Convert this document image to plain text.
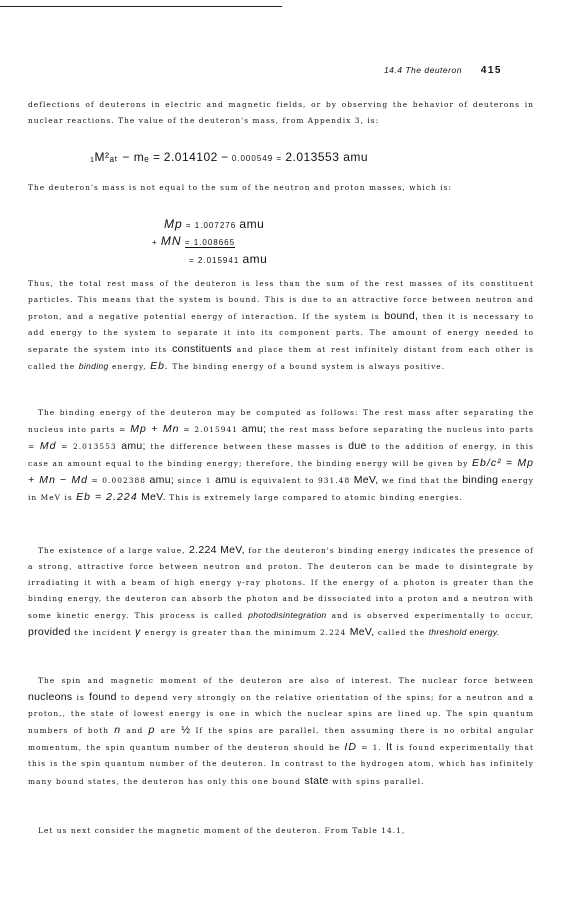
14.4 The deuteron 415

deflections of deuterons in electric and magnetic fields, or by observing the behavior of deuterons in nuclear reactions. The value of the deuteron's mass, from Appendix 3, is:

₁M²ₐₜ − mₑ = 2.014102 − 0.000549 = 2.013553 amu

The deuteron's mass is not equal to the sum of the neutron and proton masses, which is:

Mp = 1.007276 amu
+ MN = 1.008665
= 2.015941 amu

Thus, the total rest mass of the deuteron is less than the sum of the rest masses of its constituent particles. This means that the system is bound. This is due to an attractive force between neutron and proton, and a negative potential energy of interaction. If the system is bound, then it is necessary to add energy to the system to separate it into its component parts. The amount of energy needed to separate the system into its constituents and place them at rest infinitely distant from each other is called the binding energy, Eb. The binding energy of a bound system is always positive.

The binding energy of the deuteron may be computed as follows: The rest mass after separating the nucleus into parts = Mp + Mn = 2.015941 amu; the rest mass before separating the nucleus into parts = Md = 2.013553 amu; the difference between these masses is due to the addition of energy, in this case an amount equal to the binding energy; therefore, the binding energy will be given by Eb/c² = Mp + Mn − Md = 0.002388 amu; since 1 amu is equivalent to 931.48 MeV, we find that the binding energy in MeV is Eb = 2.224 MeV. This is extremely large compared to atomic binding energies.

The existence of a large value, 2.224 MeV, for the deuteron's binding energy indicates the presence of a strong, attractive force between neutron and proton. The deuteron can be made to disintegrate by irradiating it with a beam of high energy γ-ray photons. If the energy of a photon is greater than the binding energy, the deuteron can absorb the photon and be dissociated into a proton and a neutron with some kinetic energy. This process is called photodisintegration and is observed experimentally to occur, provided the incident γ energy is greater than the minimum 2.224 MeV, called the threshold energy.

The spin and magnetic moment of the deuteron are also of interest. The nuclear force between nucleons is found to depend very strongly on the relative orientation of the spins; for a neutron and a proton,, the state of lowest energy is one in which the nuclear spins are lined up. The spin quantum numbers of both n and p are ½ If the spins are parallel, then assuming there is no orbital angular momentum, the spin quantum number of the deuteron should be ID = 1. It is found experimentally that this is the spin quantum number of the deuteron. In contrast to the hydrogen atom, which has infinitely many bound states, the deuteron has only this one bound state with spins parallel.

Let us next consider the magnetic moment of the deuteron. From Table 14.1,
